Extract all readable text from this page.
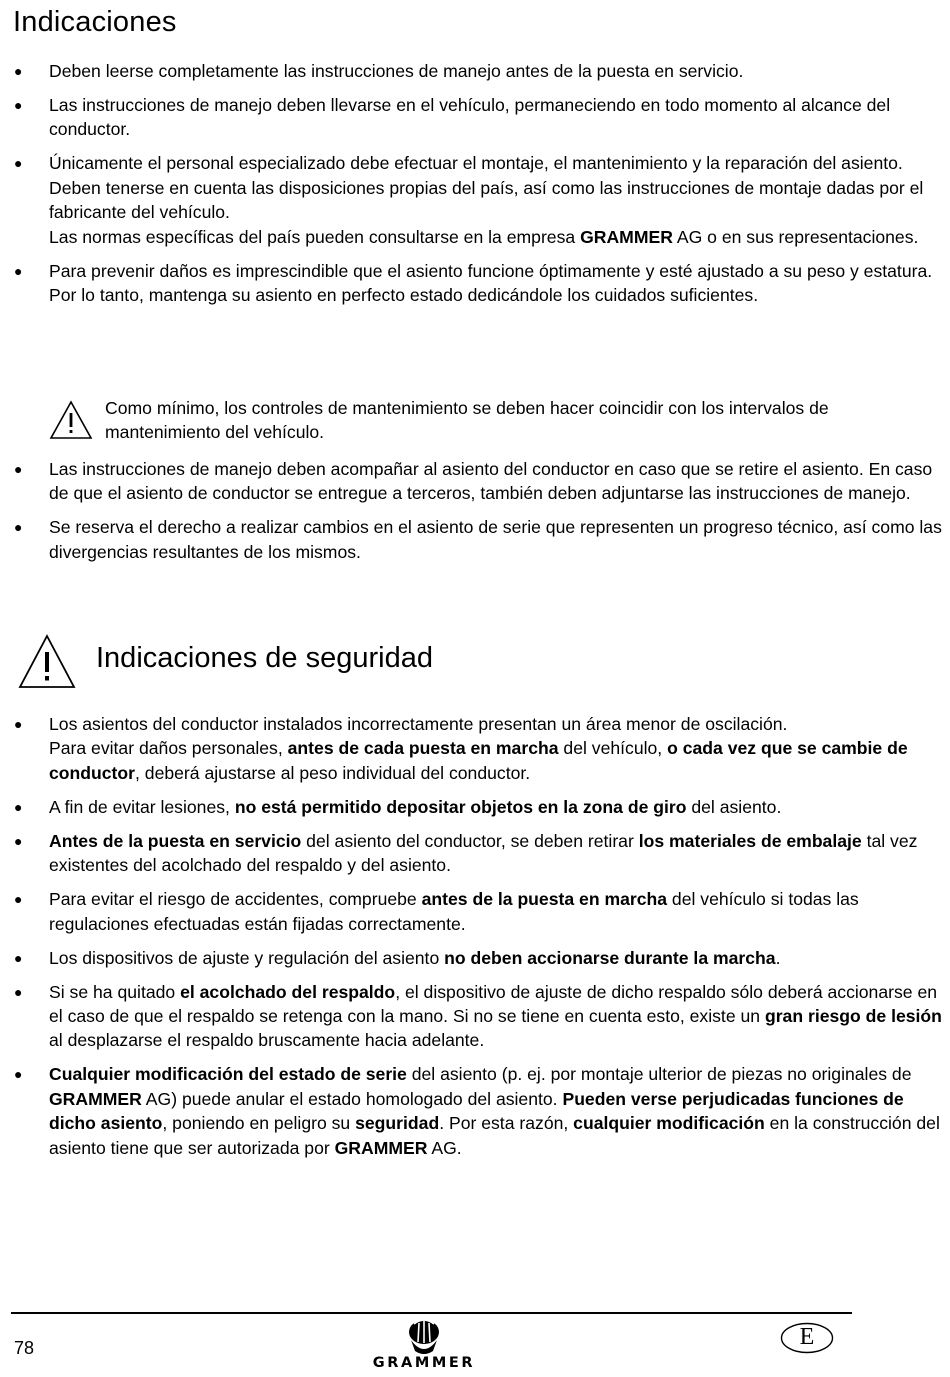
Indicaciones
● Deben leerse completamente las instrucciones de manejo antes de la puesta en servicio.

● Las instrucciones de manejo deben llevarse en el vehículo, permaneciendo en todo momento al alcance del conductor.

● Únicamente el personal especializado debe efectuar el montaje, el mantenimiento y la reparación del asiento.

Deben tenerse en cuenta las disposiciones propias del país, así como las instrucciones de montaje dadas por el fabricante del vehículo.

Las normas específicas del país pueden consultarse en la empresa GRAMMER AG o en sus representaciones.

● Para prevenir daños es imprescindible que el asiento funcione óptimamente y esté ajustado a su peso y estatura. Por lo tanto, mantenga su asiento en perfecto estado dedicándole los cuidados suficientes.

Como mínimo, los controles de mantenimiento se deben hacer coincidir con los intervalos de mantenimiento del vehículo.
● Las instrucciones de manejo deben acompañar al asiento del conductor en caso que se retire el asiento. En caso de que el asiento de conductor se entregue a terceros, también deben adjuntarse las instrucciones de manejo.

● Se reserva el derecho a realizar cambios en el asiento de serie que representen un progreso técnico, así como las divergencias resultantes de los mismos.

Indicaciones de seguridad
● Los asientos del conductor instalados incorrectamente presentan un área menor de oscilación.

Para evitar daños personales, antes de cada puesta en marcha del vehículo, o cada vez que se cambie de conductor, deberá ajustarse al peso individual del conductor.

● A fin de evitar lesiones, no está permitido depositar objetos en la zona de giro del asiento.

● Antes de la puesta en servicio del asiento del conductor, se deben retirar los materiales de embalaje tal vez existentes del acolchado del respaldo y del asiento.

● Para evitar el riesgo de accidentes, compruebe antes de la puesta en marcha del vehículo si todas las regulaciones efectuadas están fijadas correctamente.

● Los dispositivos de ajuste y regulación del asiento no deben accionarse durante la marcha.

● Si se ha quitado el acolchado del respaldo, el dispositivo de ajuste de dicho respaldo sólo deberá accionarse en el caso de que el respaldo se retenga con la mano. Si no se tiene en cuenta esto, existe un gran riesgo de lesión al desplazarse el respaldo bruscamente hacia adelante.

● Cualquier modificación del estado de serie del asiento (p. ej. por montaje ulterior de piezas no originales de GRAMMER AG) puede anular el estado homologado del asiento. Pueden verse perjudicadas funciones de dicho asiento, poniendo en peligro su seguridad. Por esta razón, cualquier modificación en la construcción del asiento tiene que ser autorizada por GRAMMER AG.

78
GRAMMER
E
